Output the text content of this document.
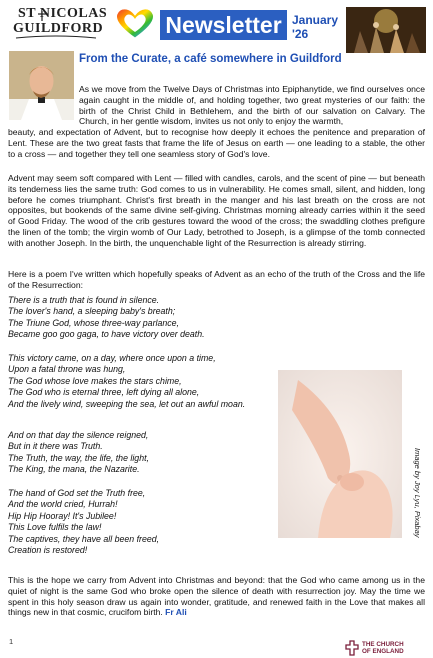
ST NICOLAS
GUILDFORD	Newsletter January
'26
From the Curate, a café somewhere in Guildford
As we move from the Twelve Days of Christmas into Epiphanytide, we find ourselves once again caught in the middle of, and holding together, two great mysteries of our faith: the birth of the Christ Child in Bethlehem, and the birth of our salvation on Calvary. The Church, in her gentle wisdom, invites us not only to enjoy the warmth,
beauty, and expectation of Advent, but to recognise how deeply it echoes the penitence and preparation of Lent. These are the two great fasts that frame the life of Jesus on earth — one leading to a stable, the other to a cross — and together they tell one seamless story of God's love.
Advent may seem soft compared with Lent — filled with candles, carols, and the scent of pine — but beneath its tenderness lies the same truth: God comes to us in vulnerability. He comes small, silent, and hidden, long before he comes triumphant. Christ's first breath in the manger and his last breath on the cross are not opposites, but bookends of the same divine self-giving. Christmas morning already carries within it the seed of Good Friday. The wood of the crib gestures toward the wood of the cross; the swaddling clothes prefigure the linen of the tomb; the virgin womb of Our Lady, betrothed to Joseph, is a glimpse of the tomb connected with another Joseph. In the birth, the unquenchable light of the Resurrection is already stirring.
Here is a poem I've written which hopefully speaks of Advent as an echo of the truth of the Cross and the life of the Resurrection:
There is a truth that is found in silence.
The lover's hand, a sleeping baby's breath;
The Triune God, whose three-way parlance,
Became goo goo gaga, to have victory over death.
This victory came, on a day, where once upon a time,
Upon a fatal throne was hung,
The God whose love makes the stars chime,
The God who is eternal three, left dying all alone,
And the lively wind, sweeping the sea, let out an awful moan.
And on that day the silence reigned,
But in it there was Truth.
The Truth, the way, the life, the light,
The King, the mana, the Nazarite.
The hand of God set the Truth free,
And the world cried, Hurrah!
Hip Hip Hooray! It's Jubilee!
This Love fulfils the law!
The captives, they have all been freed,
Creation is restored!
Image by Joy Lyu, Pixabay
This is the hope we carry from Advent into Christmas and beyond: that the God who came among us in the quiet of night is the same God who broke open the silence of death with resurrection joy. May the time we spent in this holy season draw us again into wonder, gratitude, and renewed faith in the Love that makes all things new in that cosmic, crucifom birth. Fr Ali
1	THE CHURCH
OF ENGLAND
